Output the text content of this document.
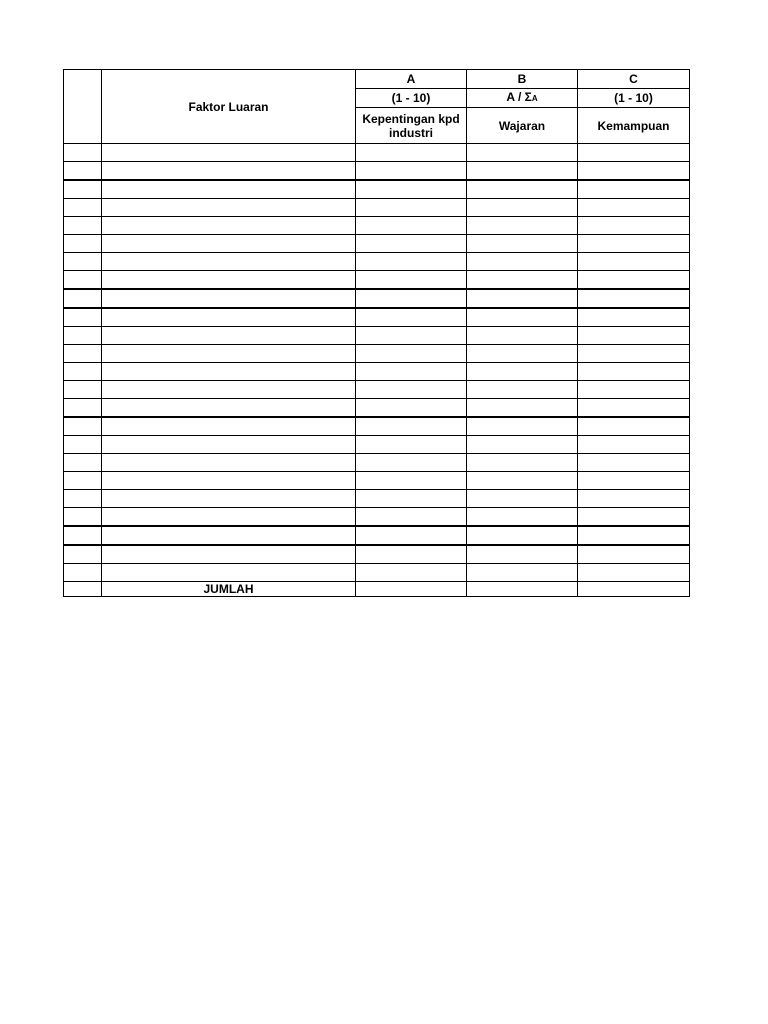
	Faktor Luaran	A	B	C
		(1 - 10)	A / ΣA	(1 - 10)
		Kepentingan kpd industri	Wajaran	Kemampuan

	JUMLAH			
